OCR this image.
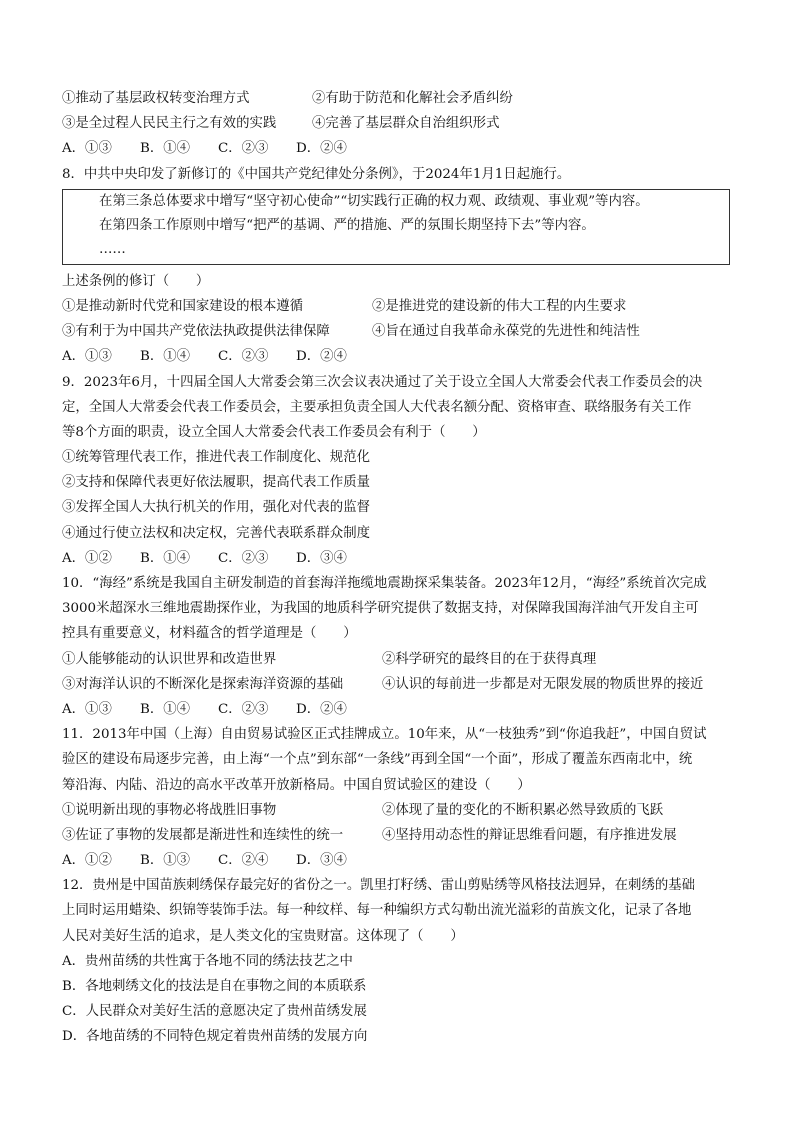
①推动了基层政权转变治理方式	②有助于防范和化解社会矛盾纠纷
③是全过程人民民主行之有效的实践	④完善了基层群众自治组织形式
A．①③ B．①④ C．②③ D．②④
8．中共中央印发了新修订的《中国共产党纪律处分条例》，于2024年1月1日起施行。
在第三条总体要求中增写“坚守初心使命”“切实践行正确的权力观、政绩观、事业观”等内容。
在第四条工作原则中增写“把严的基调、严的措施、严的氛围长期坚持下去”等内容。
……
上述条例的修订（　　）
①是推动新时代党和国家建设的根本遵循	②是推进党的建设新的伟大工程的内生要求
③有利于为中国共产党依法执政提供法律保障	④旨在通过自我革命永葆党的先进性和纯洁性
A．①③ B．①④ C．②③ D．②④
9．2023年6月，十四届全国人大常委会第三次会议表决通过了关于设立全国人大常委会代表工作委员会的决
定，全国人大常委会代表工作委员会，主要承担负责全国人大代表名额分配、资格审查、联络服务有关工作
等8个方面的职责，设立全国人大常委会代表工作委员会有利于（　　）
①统筹管理代表工作，推进代表工作制度化、规范化
②支持和保障代表更好依法履职，提高代表工作质量
③发挥全国人大执行机关的作用，强化对代表的监督
④通过行使立法权和决定权，完善代表联系群众制度
A．①② B．①④ C．②③ D．③④
10．“海经”系统是我国自主研发制造的首套海洋拖缆地震勘探采集装备。2023年12月，“海经”系统首次完成
3000米超深水三维地震勘探作业，为我国的地质科学研究提供了数据支持，对保障我国海洋油气开发自主可
控具有重要意义，材料蕴含的哲学道理是（　　）
①人能够能动的认识世界和改造世界	②科学研究的最终目的在于获得真理
③对海洋认识的不断深化是探索海洋资源的基础	④认识的每前进一步都是对无限发展的物质世界的接近
A．①③ B．①④ C．②③ D．②④
11．2013年中国（上海）自由贸易试验区正式挂牌成立。10年来，从“一枝独秀”到“你追我赶”，中国自贸试
验区的建设布局逐步完善，由上海“一个点”到东部“一条线”再到全国“一个面”，形成了覆盖东西南北中，统
筹沿海、内陆、沿边的高水平改革开放新格局。中国自贸试验区的建设（　　）
①说明新出现的事物必将战胜旧事物	②体现了量的变化的不断积累必然导致质的飞跃
③佐证了事物的发展都是渐进性和连续性的统一	④坚持用动态性的辩证思维看问题，有序推进发展
A．①② B．①③ C．②④ D．③④
12．贵州是中国苗族刺绣保存最完好的省份之一。凯里打籽绣、雷山剪贴绣等风格技法迥异，在刺绣的基础
上同时运用蜡染、织锦等装饰手法。每一种纹样、每一种编织方式勾勒出流光溢彩的苗族文化，记录了各地
人民对美好生活的追求，是人类文化的宝贵财富。这体现了（　　）
A．贵州苗绣的共性寓于各地不同的绣法技艺之中
B．各地刺绣文化的技法是自在事物之间的本质联系
C．人民群众对美好生活的意愿决定了贵州苗绣发展
D．各地苗绣的不同特色规定着贵州苗绣的发展方向
